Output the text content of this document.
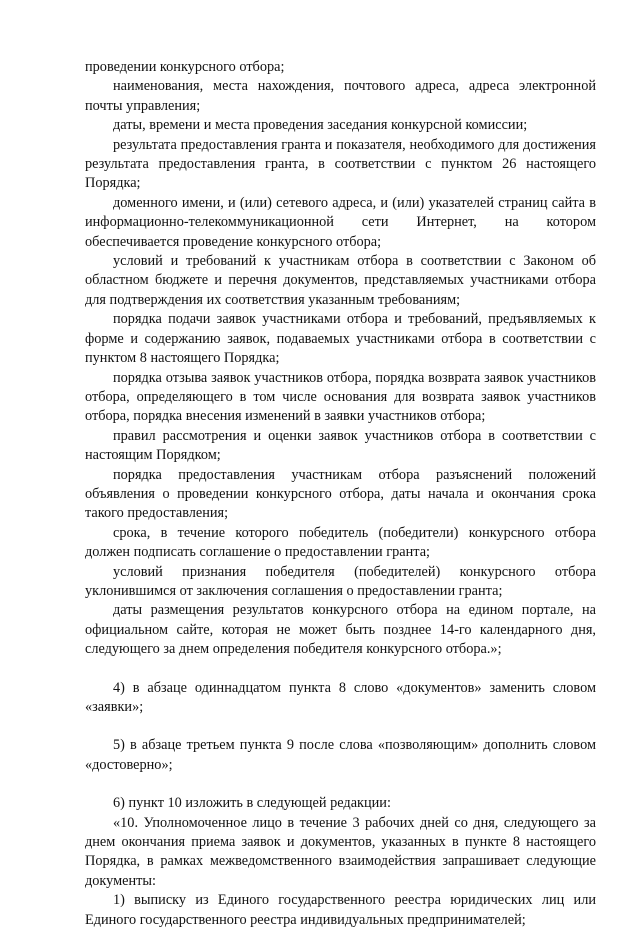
проведении конкурсного отбора;

наименования, места нахождения, почтового адреса, адреса электронной почты управления;

даты, времени и места проведения заседания конкурсной комиссии;

результата предоставления гранта и показателя, необходимого для достижения результата предоставления гранта, в соответствии с пунктом 26 настоящего Порядка;

доменного имени, и (или) сетевого адреса, и (или) указателей страниц сайта в информационно-телекоммуникационной сети Интернет, на котором обеспечивается проведение конкурсного отбора;

условий и требований к участникам отбора в соответствии с Законом об областном бюджете и перечня документов, представляемых участниками отбора для подтверждения их соответствия указанным требованиям;

порядка подачи заявок участниками отбора и требований, предъявляемых к форме и содержанию заявок, подаваемых участниками отбора в соответствии с пунктом 8 настоящего Порядка;

порядка отзыва заявок участников отбора, порядка возврата заявок участников отбора, определяющего в том числе основания для возврата заявок участников отбора, порядка внесения изменений в заявки участников отбора;

правил рассмотрения и оценки заявок участников отбора в соответствии с настоящим Порядком;

порядка предоставления участникам отбора разъяснений положений объявления о проведении конкурсного отбора, даты начала и окончания срока такого предоставления;

срока, в течение которого победитель (победители) конкурсного отбора должен подписать соглашение о предоставлении гранта;

условий признания победителя (победителей) конкурсного отбора уклонившимся от заключения соглашения о предоставлении гранта;

даты размещения результатов конкурсного отбора на едином портале, на официальном сайте, которая не может быть позднее 14-го календарного дня, следующего за днем определения победителя конкурсного отбора.»;

4) в абзаце одиннадцатом пункта 8 слово «документов» заменить словом «заявки»;

5) в абзаце третьем пункта 9 после слова «позволяющим» дополнить словом «достоверно»;

6) пункт 10 изложить в следующей редакции:

«10. Уполномоченное лицо в течение 3 рабочих дней со дня, следующего за днем окончания приема заявок и документов, указанных в пункте 8 настоящего Порядка, в рамках межведомственного взаимодействия запрашивает следующие документы:

1) выписку из Единого государственного реестра юридических лиц или Единого государственного реестра индивидуальных предпринимателей;
